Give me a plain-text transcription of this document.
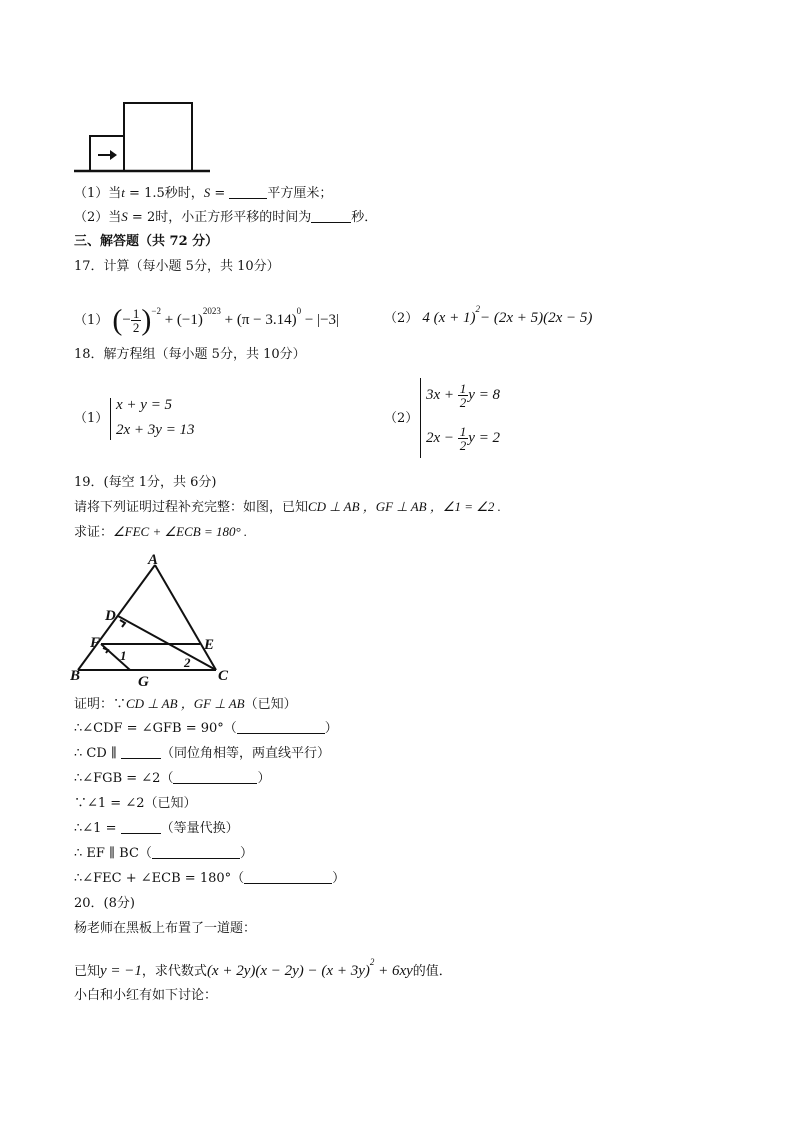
（1）当t = 1.5秒时，S =	平方厘米；
（2）当S = 2时，小正方形平移的时间为	秒．
三、解答题（共 72 分）
17．计算（每小题 5分，共 10分）
（1） (− $\frac{1}{2} )^{-2} + (-1)^{2023} + (\pi - 3.14)^0 - |-3|$	（2） 4 $(x + 1)^2- (2x + 5)(2x - 5)$
18．解方程组（每小题 5分，共 10分）
（1）
x + y = 5
2x + 3y = 13
（2）
$3x + \frac{1}{2}$ y = 8
$2x - \frac{1}{2}$ y = 2
19．(每空 1分，共 6分)
请将下列证明过程补充完整：如图，已知CD ⊥ AB ，GF ⊥ AB ，∠1 = ∠2 .
求证：∠FEC + ∠ECB = 180° .
A
B	C
D
E
F
G
1	2
证明：∵CD ⊥ AB ，GF ⊥ AB（已知）
∴∠CDF = ∠GFB = 90°（	）
∴ CD ∥	（同位角相等，两直线平行）
∴∠FGB = ∠2（	）
∵∠1 = ∠2（已知）
∴∠1 =	（等量代换）
∴ EF ∥ BC（	）
∴∠FEC + ∠ECB = 180°（	）
20．(8分)
杨老师在黑板上布置了一道题：
已知y = −1，求代数式$(x + 2y)(x - 2y) - (x + 3y)^2 + 6xy$的值．
小白和小红有如下讨论：
